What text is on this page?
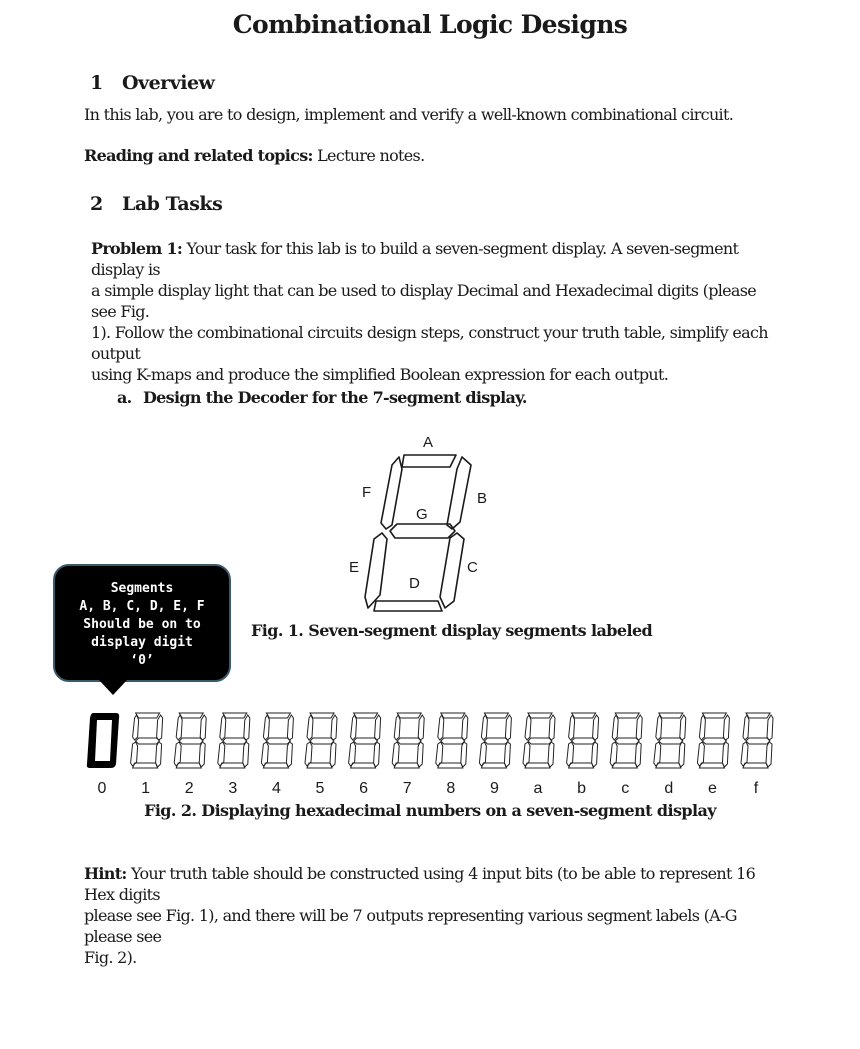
Combinational Logic Designs
1 Overview
In this lab, you are to design, implement and verify a well-known combinational circuit.
Reading and related topics: Lecture notes.
2 Lab Tasks
Problem 1: Your task for this lab is to build a seven-segment display. A seven-segment display is
a simple display light that can be used to display Decimal and Hexadecimal digits (please see Fig.
1). Follow the combinational circuits design steps, construct your truth table, simplify each output
using K-maps and produce the simplified Boolean expression for each output.
a. Design the Decoder for the 7-segment display.
A
B
C
D
E
F
G
Fig. 1. Seven-segment display segments labeled
Segments
A, B, C, D, E, F
Should be on to
display digit
‘0’
0	1	2	3	4	5	6	7	8	9	a	b	c	d	e	f
Fig. 2. Displaying hexadecimal numbers on a seven-segment display
Hint: Your truth table should be constructed using 4 input bits (to be able to represent 16 Hex digits
please see Fig. 1), and there will be 7 outputs representing various segment labels (A-G please see
Fig. 2).
